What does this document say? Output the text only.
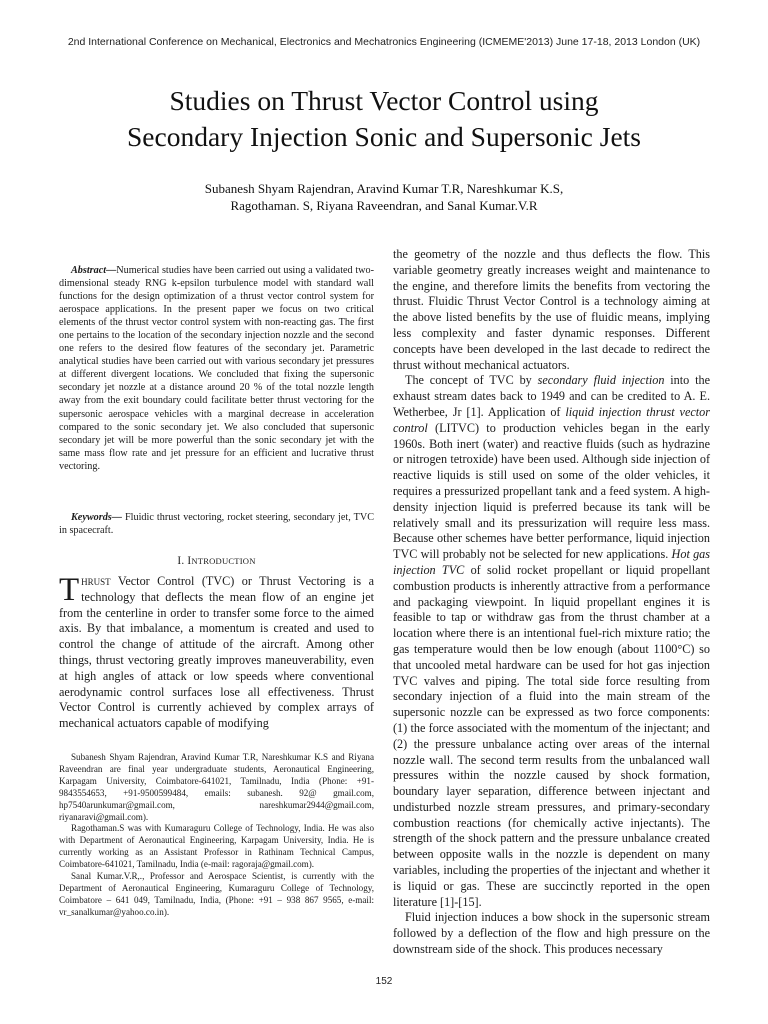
2nd International Conference on Mechanical, Electronics and Mechatronics Engineering (ICMEME'2013) June 17-18, 2013 London (UK)
Studies on Thrust Vector Control using
Secondary Injection Sonic and Supersonic Jets
Subanesh Shyam Rajendran, Aravind Kumar T.R, Nareshkumar K.S,
Ragothaman. S, Riyana Raveendran, and Sanal Kumar.V.R
Abstract—Numerical studies have been carried out using a validated two-dimensional steady RNG k-epsilon turbulence model with standard wall functions for the design optimization of a thrust vector control system for aerospace applications. In the present paper we focus on two critical elements of the thrust vector control system with non-reacting gas. The first one pertains to the location of the secondary injection nozzle and the second one refers to the desired flow features of the secondary jet. Parametric analytical studies have been carried out with various secondary jet pressures at different divergent locations. We concluded that fixing the supersonic secondary jet nozzle at a distance around 20 % of the total nozzle length away from the exit boundary could facilitate better thrust vectoring for the supersonic aerospace vehicles with a marginal decrease in acceleration compared to the sonic secondary jet. We also concluded that supersonic secondary jet will be more powerful than the sonic secondary jet with the same mass flow rate and jet pressure for an efficient and lucrative thrust vectoring.
Keywords— Fluidic thrust vectoring, rocket steering, secondary jet, TVC in spacecraft.
I. INTRODUCTION
Thrust Vector Control (TVC) or Thrust Vectoring is a technology that deflects the mean flow of an engine jet from the centerline in order to transfer some force to the aimed axis. By that imbalance, a momentum is created and used to control the change of attitude of the aircraft. Among other things, thrust vectoring greatly improves maneuverability, even at high angles of attack or low speeds where conventional aerodynamic control surfaces lose all effectiveness. Thrust Vector Control is currently achieved by complex arrays of mechanical actuators capable of modifying

Subanesh Shyam Rajendran, Aravind Kumar T.R, Nareshkumar K.S and Riyana Raveendran are final year undergraduate students, Aeronautical Engineering, Karpagam University, Coimbatore-641021, Tamilnadu, India (Phone: +91-9843554653, +91-9500599484, emails: subanesh. 92@ gmail.com, hp7540arunkumar@gmail.com, nareshkumar2944@gmail.com, riyanaravi@gmail.com).

Ragothaman.S was with Kumaraguru College of Technology, India. He was also with Department of Aeronautical Engineering, Karpagam University, India. He is currently working as an Assistant Professor in Rathinam Technical Campus, Coimbatore-641021, Tamilnadu, India (e-mail: ragoraja@gmail.com).

Sanal Kumar.V.R,., Professor and Aerospace Scientist, is currently with the Department of Aeronautical Engineering, Kumaraguru College of Technology, Coimbatore – 641 049, Tamilnadu, India, (Phone: +91 – 938 867 9565, e-mail: vr_sanalkumar@yahoo.co.in).

the geometry of the nozzle and thus deflects the flow. This variable geometry greatly increases weight and maintenance to the engine, and therefore limits the benefits from vectoring the thrust. Fluidic Thrust Vector Control is a technology aiming at the above listed benefits by the use of fluidic means, implying less complexity and faster dynamic responses. Different concepts have been developed in the last decade to redirect the thrust without mechanical actuators.

The concept of TVC by secondary fluid injection into the exhaust stream dates back to 1949 and can be credited to A. E. Wetherbee, Jr [1]. Application of liquid injection thrust vector control (LITVC) to production vehicles began in the early 1960s. Both inert (water) and reactive fluids (such as hydrazine or nitrogen tetroxide) have been used. Although side injection of reactive liquids is still used on some of the older vehicles, it requires a pressurized propellant tank and a feed system. A high-density injection liquid is preferred because its tank will be relatively small and its pressurization will require less mass. Because other schemes have better performance, liquid injection TVC will probably not be selected for new applications. Hot gas injection TVC of solid rocket propellant or liquid propellant combustion products is inherently attractive from a performance and packaging viewpoint. In liquid propellant engines it is feasible to tap or withdraw gas from the thrust chamber at a location where there is an intentional fuel-rich mixture ratio; the gas temperature would then be low enough (about 1100°C) so that uncooled metal hardware can be used for hot gas injection TVC valves and piping. The total side force resulting from secondary injection of a fluid into the main stream of the supersonic nozzle can be expressed as two force components: (1) the force associated with the momentum of the injectant; and (2) the pressure unbalance acting over areas of the internal nozzle wall. The second term results from the unbalanced wall pressures within the nozzle caused by shock formation, boundary layer separation, difference between injectant and undisturbed nozzle stream pressures, and primary-secondary combustion reactions (for chemically active injectants). The strength of the shock pattern and the pressure unbalance created between opposite walls in the nozzle is dependent on many variables, including the properties of the injectant and whether it is liquid or gas. These are succinctly reported in the open literature [1]-[15].

Fluid injection induces a bow shock in the supersonic stream followed by a deflection of the flow and high pressure on the downstream side of the shock. This produces necessary

152
